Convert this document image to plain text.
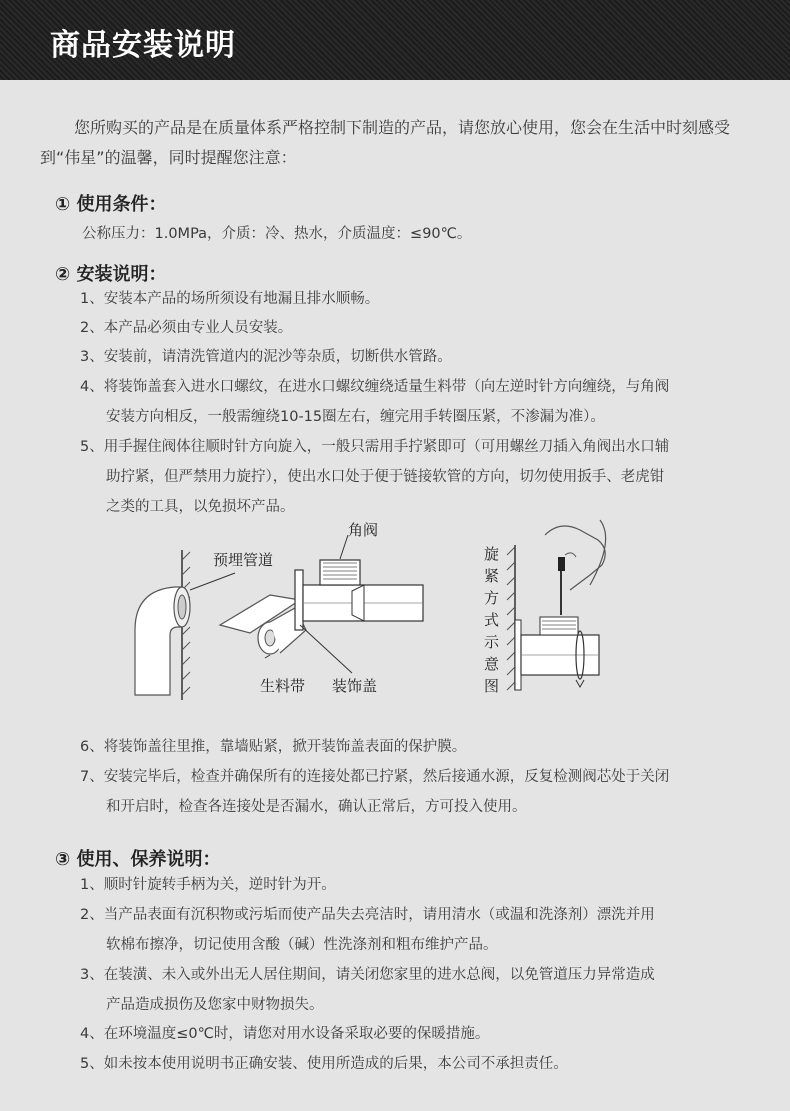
商品安装说明
您所购买的产品是在质量体系严格控制下制造的产品，请您放心使用，您会在生活中时刻感受到“伟星”的温馨，同时提醒您注意：
① 使用条件：
公称压力：1.0MPa，介质：冷、热水，介质温度：≤90℃。
② 安装说明：
1、安装本产品的场所须设有地漏且排水顺畅。
2、本产品必须由专业人员安装。
3、安装前，请清洗管道内的泥沙等杂质，切断供水管路。
4、将装饰盖套入进水口螺纹，在进水口螺纹缠绕适量生料带（向左逆时针方向缠绕，与角阀
安装方向相反，一般需缠绕10-15圈左右，缠完用手转圈压紧，不渗漏为准）。
5、用手握住阀体往顺时针方向旋入，一般只需用手拧紧即可（可用螺丝刀插入角阀出水口辅
助拧紧，但严禁用力旋拧），使出水口处于便于链接软管的方向，切勿使用扳手、老虎钳
之类的工具，以免损坏产品。
角阀
预埋管道
生料带 装饰盖
旋紧方式示意图
6、将装饰盖往里推，靠墙贴紧，掀开装饰盖表面的保护膜。
7、安装完毕后，检查并确保所有的连接处都已拧紧，然后接通水源，反复检测阀芯处于关闭
和开启时，检查各连接处是否漏水，确认正常后，方可投入使用。
③ 使用、保养说明：
1、顺时针旋转手柄为关，逆时针为开。
2、当产品表面有沉积物或污垢而使产品失去亮洁时，请用清水（或温和洗涤剂）漂洗并用
软棉布擦净，切记使用含酸（碱）性洗涤剂和粗布维护产品。
3、在装潢、未入或外出无人居住期间，请关闭您家里的进水总阀，以免管道压力异常造成
产品造成损伤及您家中财物损失。
4、在环境温度≤0℃时，请您对用水设备采取必要的保暖措施。
5、如未按本使用说明书正确安装、使用所造成的后果，本公司不承担责任。
